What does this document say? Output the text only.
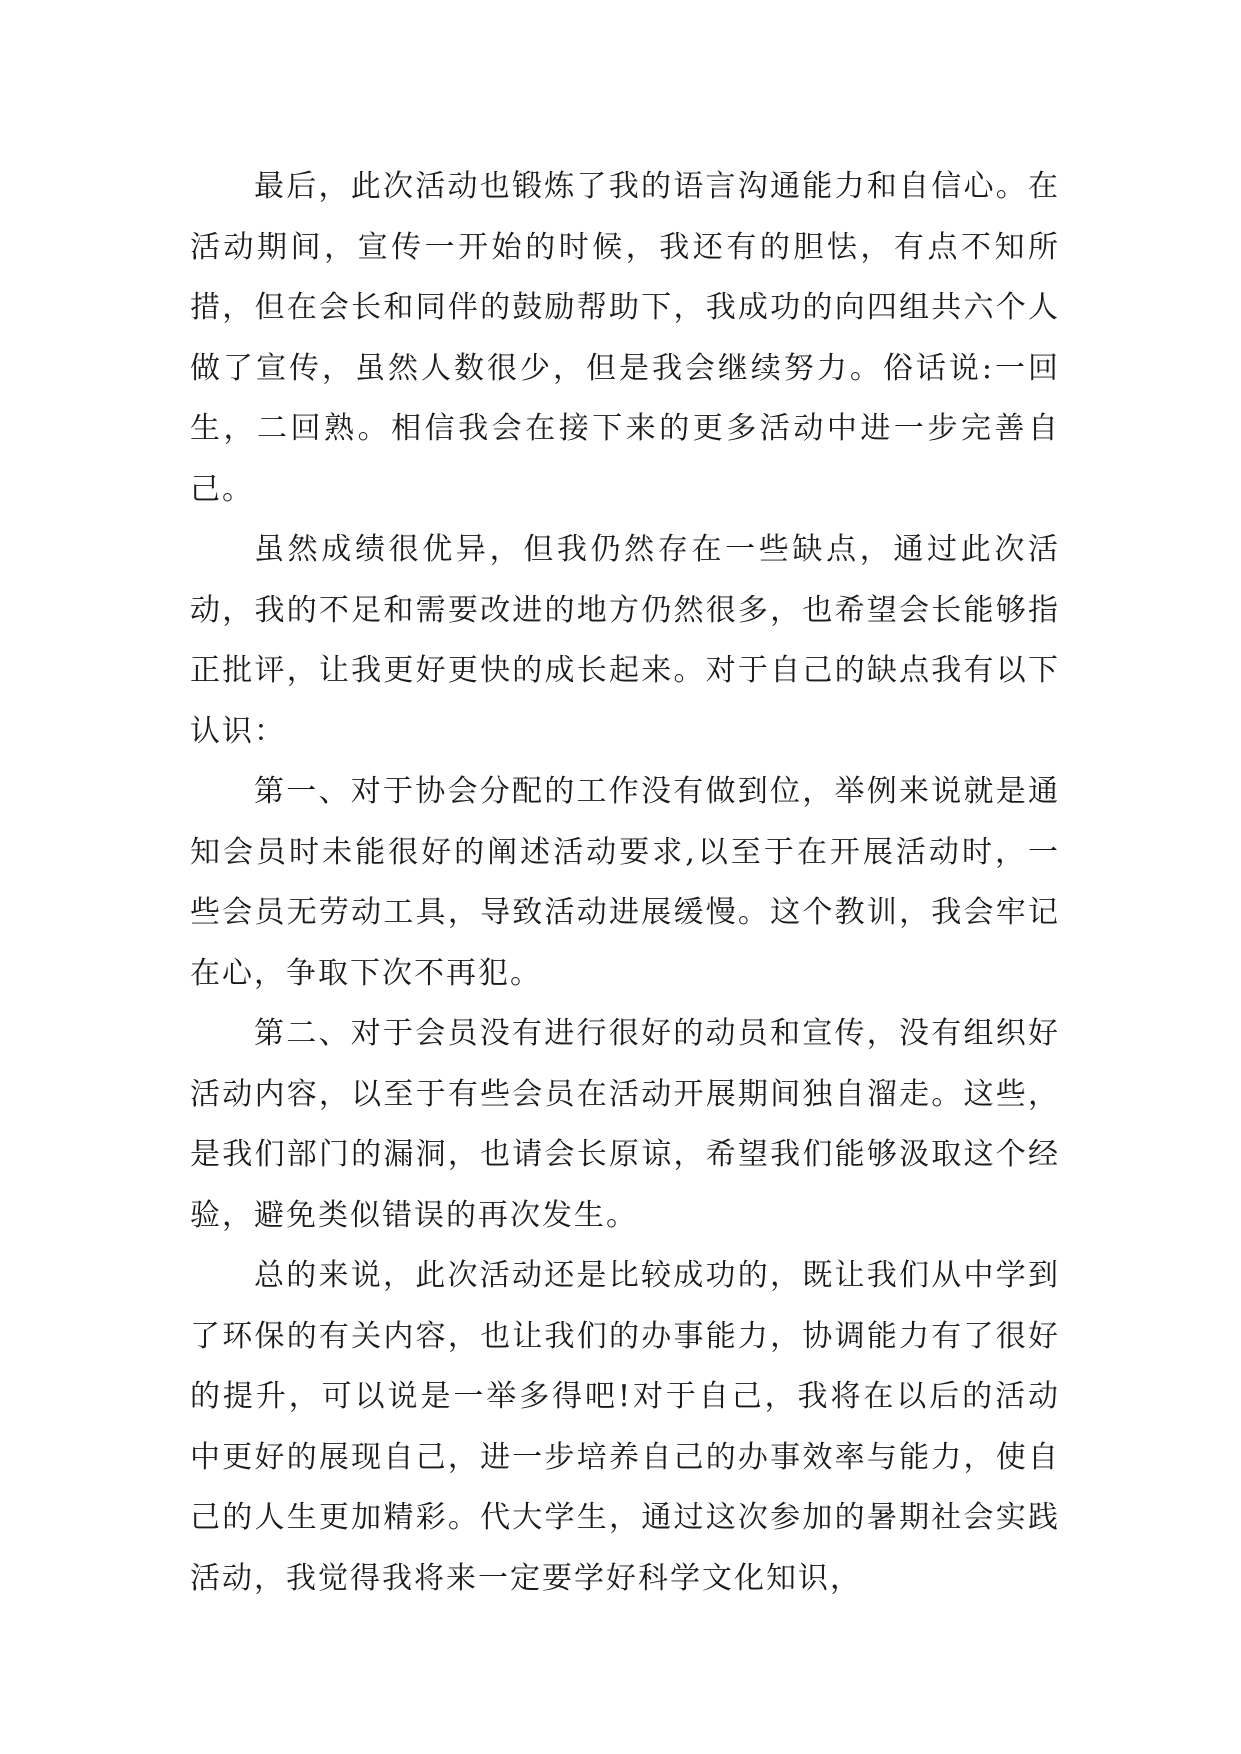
最后，此次活动也锻炼了我的语言沟通能力和自信心。在活动期间，宣传一开始的时候，我还有的胆怯，有点不知所措，但在会长和同伴的鼓励帮助下，我成功的向四组共六个人做了宣传，虽然人数很少，但是我会继续努力。俗话说:一回生，二回熟。相信我会在接下来的更多活动中进一步完善自己。

虽然成绩很优异，但我仍然存在一些缺点，通过此次活动，我的不足和需要改进的地方仍然很多，也希望会长能够指正批评，让我更好更快的成长起来。对于自己的缺点我有以下认识：

第一、对于协会分配的工作没有做到位，举例来说就是通知会员时未能很好的阐述活动要求,以至于在开展活动时，一些会员无劳动工具，导致活动进展缓慢。这个教训，我会牢记在心，争取下次不再犯。

第二、对于会员没有进行很好的动员和宣传，没有组织好活动内容，以至于有些会员在活动开展期间独自溜走。这些，是我们部门的漏洞，也请会长原谅，希望我们能够汲取这个经验，避免类似错误的再次发生。

总的来说，此次活动还是比较成功的，既让我们从中学到了环保的有关内容，也让我们的办事能力，协调能力有了很好的提升，可以说是一举多得吧!对于自己，我将在以后的活动中更好的展现自己，进一步培养自己的办事效率与能力，使自己的人生更加精彩。代大学生，通过这次参加的暑期社会实践活动，我觉得我将来一定要学好科学文化知识，
